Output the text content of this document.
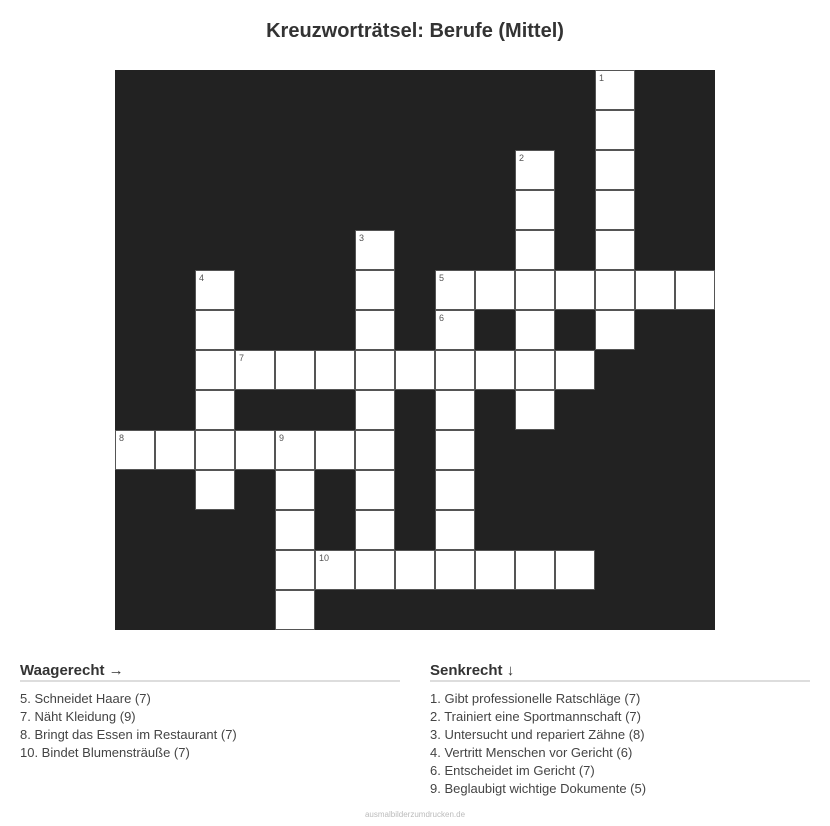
Kreuzworträtsel: Berufe (Mittel)
1
2
3
4
6
9
5
7
8
10
Waagerecht →
5. Schneidet Haare (7)
7. Näht Kleidung (9)
8. Bringt das Essen im Restaurant (7)
10. Bindet Blumensträuße (7)
Senkrecht ↓
1. Gibt professionelle Ratschläge (7)
2. Trainiert eine Sportmannschaft (7)
3. Untersucht und repariert Zähne (8)
4. Vertritt Menschen vor Gericht (6)
6. Entscheidet im Gericht (7)
9. Beglaubigt wichtige Dokumente (5)
ausmalbilderzumdrucken.de
